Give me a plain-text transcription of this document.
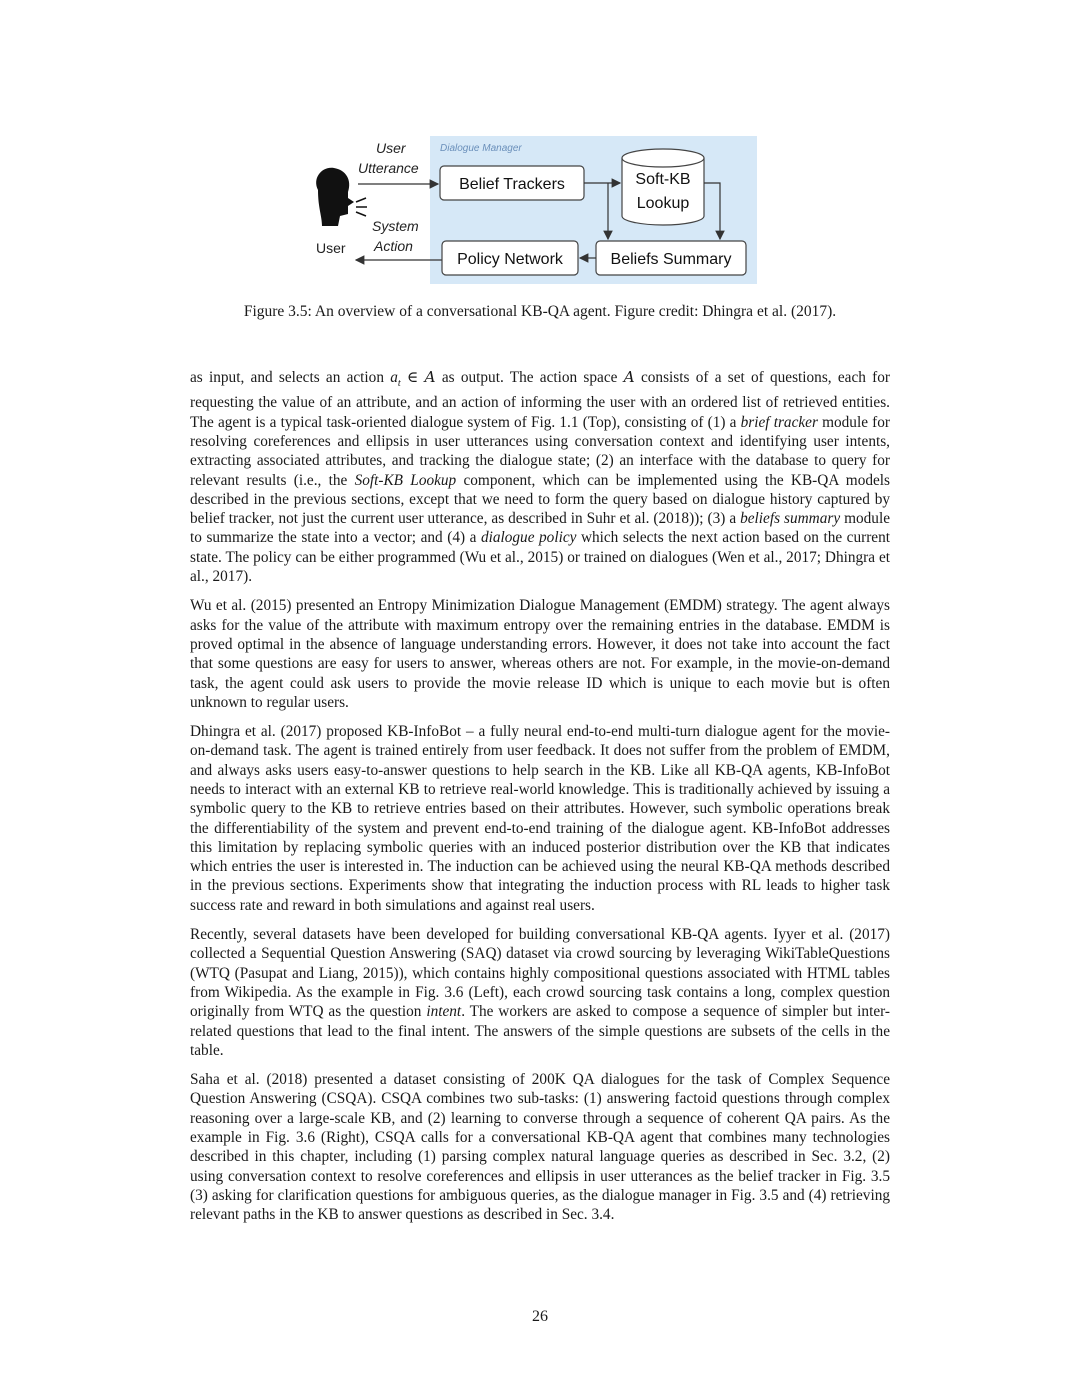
Dialogue Manager
User
User
Utterance
System
Action
Belief Trackers	Soft-KB
Lookup
Policy Network	Beliefs Summary
Figure 3.5: An overview of a conversational KB-QA agent. Figure credit: Dhingra et al. (2017).

as input, and selects an action $a_t$ ∈ A as output. The action space A consists of a set of questions, each for requesting the value of an attribute, and an action of informing the user with an ordered list of retrieved entities. The agent is a typical task-oriented dialogue system of Fig. 1.1 (Top), consisting of (1) a brief tracker module for resolving coreferences and ellipsis in user utterances using conversation context and identifying user intents, extracting associated attributes, and tracking the dialogue state; (2) an interface with the database to query for relevant results (i.e., the Soft-KB Lookup component, which can be implemented using the KB-QA models described in the previous sections, except that we need to form the query based on dialogue history captured by belief tracker, not just the current user utterance, as described in Suhr et al. (2018)); (3) a beliefs summary module to summarize the state into a vector; and (4) a dialogue policy which selects the next action based on the current state. The policy can be either programmed (Wu et al., 2015) or trained on dialogues (Wen et al., 2017; Dhingra et al., 2017).

Wu et al. (2015) presented an Entropy Minimization Dialogue Management (EMDM) strategy. The agent always asks for the value of the attribute with maximum entropy over the remaining entries in the database. EMDM is proved optimal in the absence of language understanding errors. However, it does not take into account the fact that some questions are easy for users to answer, whereas others are not. For example, in the movie-on-demand task, the agent could ask users to provide the movie release ID which is unique to each movie but is often unknown to regular users.

Dhingra et al. (2017) proposed KB-InfoBot – a fully neural end-to-end multi-turn dialogue agent for the movie-on-demand task. The agent is trained entirely from user feedback. It does not suffer from the problem of EMDM, and always asks users easy-to-answer questions to help search in the KB. Like all KB-QA agents, KB-InfoBot needs to interact with an external KB to retrieve real-world knowledge. This is traditionally achieved by issuing a symbolic query to the KB to retrieve entries based on their attributes. However, such symbolic operations break the differentiability of the system and prevent end-to-end training of the dialogue agent. KB-InfoBot addresses this limitation by replacing symbolic queries with an induced posterior distribution over the KB that indicates which entries the user is interested in. The induction can be achieved using the neural KB-QA methods described in the previous sections. Experiments show that integrating the induction process with RL leads to higher task success rate and reward in both simulations and against real users.

Recently, several datasets have been developed for building conversational KB-QA agents. Iyyer et al. (2017) collected a Sequential Question Answering (SAQ) dataset via crowd sourcing by leveraging WikiTableQuestions (WTQ (Pasupat and Liang, 2015)), which contains highly compositional questions associated with HTML tables from Wikipedia. As the example in Fig. 3.6 (Left), each crowd sourcing task contains a long, complex question originally from WTQ as the question intent. The workers are asked to compose a sequence of simpler but inter-related questions that lead to the final intent. The answers of the simple questions are subsets of the cells in the table.

Saha et al. (2018) presented a dataset consisting of 200K QA dialogues for the task of Complex Sequence Question Answering (CSQA). CSQA combines two sub-tasks: (1) answering factoid questions through complex reasoning over a large-scale KB, and (2) learning to converse through a sequence of coherent QA pairs. As the example in Fig. 3.6 (Right), CSQA calls for a conversational KB-QA agent that combines many technologies described in this chapter, including (1) parsing complex natural language queries as described in Sec. 3.2, (2) using conversation context to resolve coreferences and ellipsis in user utterances as the belief tracker in Fig. 3.5 (3) asking for clarification questions for ambiguous queries, as the dialogue manager in Fig. 3.5 and (4) retrieving relevant paths in the KB to answer questions as described in Sec. 3.4.

26
